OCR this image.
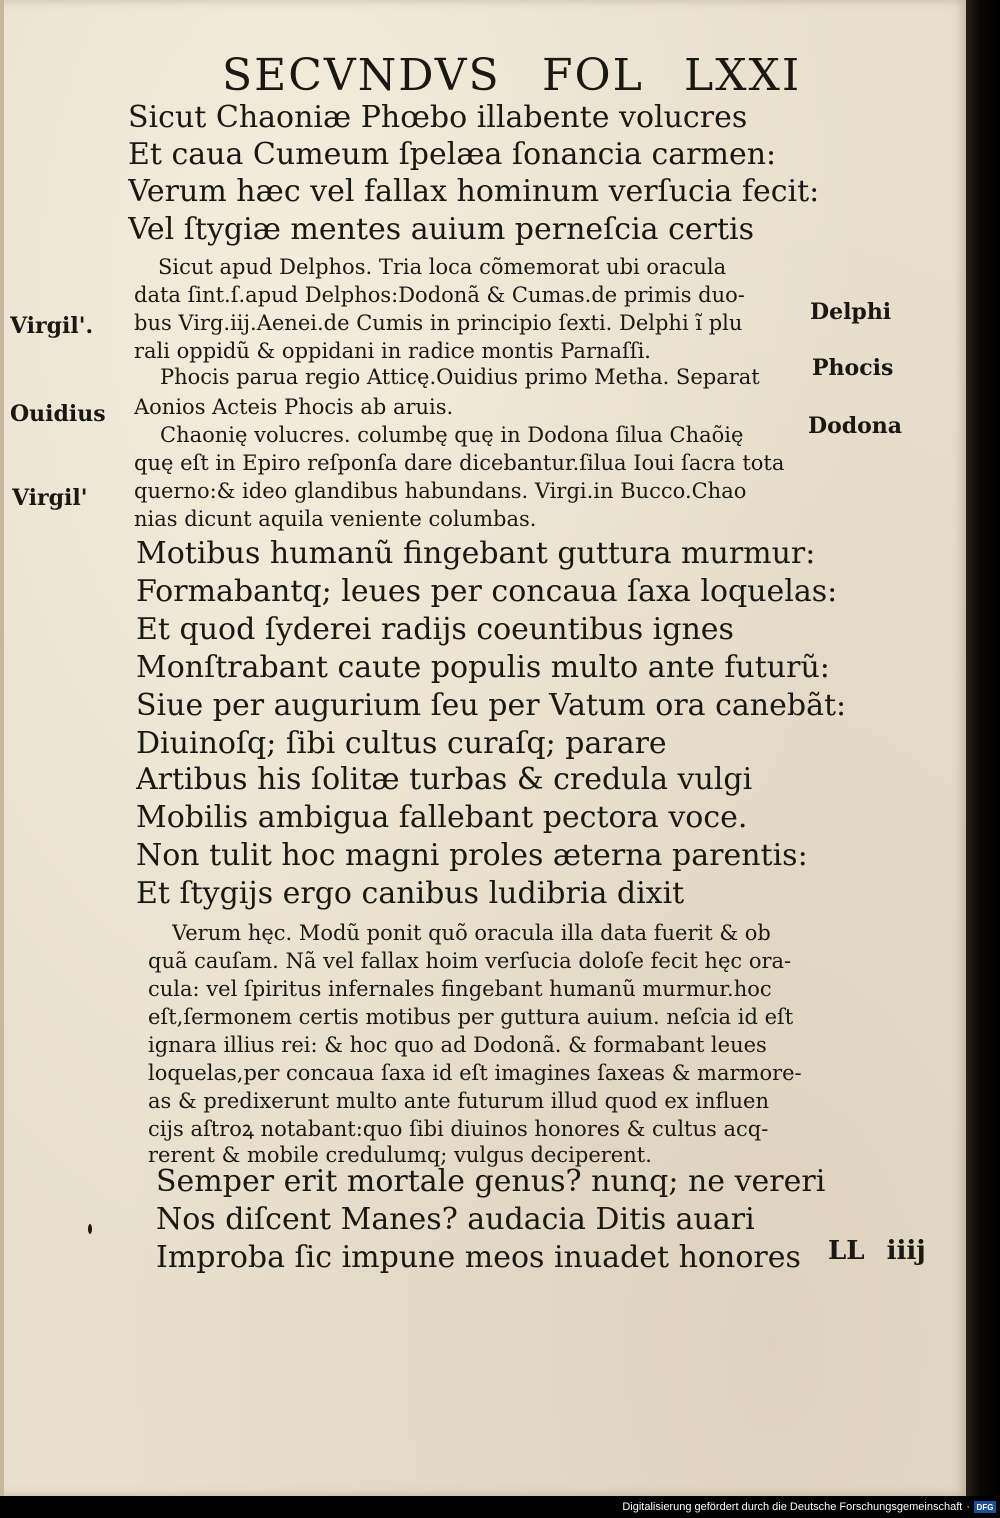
SECVNDVS FOL LXXI
Sicut Chaoniæ Phœbo illabente volucres
Et caua Cumeum ſpelæa ſonancia carmen:
Verum hæc vel fallax hominum verſucia fecit:
Vel ſtygiæ mentes auium perneſcia certis
Sicut apud Delphos. Tria loca cõmemorat ubi oracula
data ſint.ſ.apud Delphos:Dodonã & Cumas.de primis duo-
bus Virg.iij.Aenei.de Cumis in principio ſexti. Delphi ĩ plu
rali oppidũ & oppidani in radice montis Parnaſſi.
Phocis parua regio Atticę.Ouidius primo Metha. Separat
Aonios Acteis Phocis ab aruis.
Chaonię volucres. columbę quę in Dodona ſilua Chaõię
quę eſt in Epiro reſponſa dare dicebantur.ſilua Ioui ſacra tota
querno:& ideo glandibus habundans. Virgi.in Bucco.Chao
nias dicunt aquila veniente columbas.
Motibus humanũ fingebant guttura murmur:
Formabantq; leues per concaua ſaxa loquelas:
Et quod ſyderei radijs coeuntibus ignes
Monſtrabant caute populis multo ante futurũ:
Siue per augurium ſeu per Vatum ora canebãt:
Diuinoſq; ſibi cultus curaſq; parare
Artibus his ſolitæ turbas & credula vulgi
Mobilis ambigua fallebant pectora voce.
Non tulit hoc magni proles æterna parentis:
Et ſtygijs ergo canibus ludibria dixit
Verum hęc. Modũ ponit quõ oracula illa data fuerit & ob
quã cauſam. Nã vel fallax hoim verſucia doloſe fecit hęc ora-
cula: vel ſpiritus infernales fingebant humanũ murmur.hoc
eſt,ſermonem certis motibus per guttura auium. neſcia id eſt
ignara illius rei: & hoc quo ad Dodonã. & formabant leues
loquelas,per concaua ſaxa id eſt imagines ſaxeas & marmore-
as & predixerunt multo ante futurum illud quod ex influen
cijs aſtroꝝ notabant:quo ſibi diuinos honores & cultus acq-
rerent & mobile credulumq; vulgus deciperent.
Semper erit mortale genus? nunq; ne vereri
Nos diſcent Manes? audacia Ditis auari
Improba ſic impune meos inuadet honores
Virgil'.
Ouidius
Virgil'
Delphi
Phocis
Dodona
LL iiij
Digitalisierung gefördert durch die Deutsche Forschungsgemeinschaft · DFG
